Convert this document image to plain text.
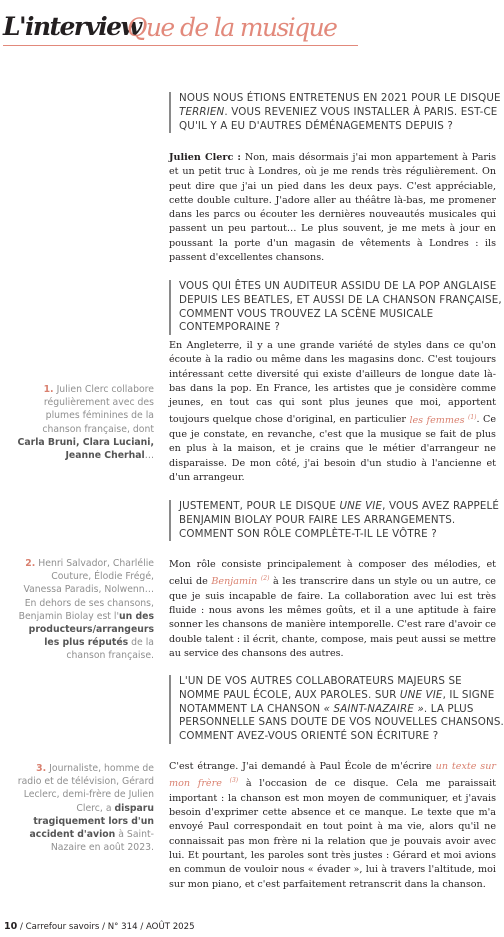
L'interview
Que de la musique
NOUS NOUS ÉTIONS ENTRETENUS EN 2021 POUR LE DISQUE TERRIEN. VOUS REVENIEZ VOUS INSTALLER À PARIS. EST-CE QU'IL Y A EU D'AUTRES DÉMÉNAGEMENTS DEPUIS ?
Julien Clerc : Non, mais désormais j'ai mon appartement à Paris et un petit truc à Londres, où je me rends très régulièrement. On peut dire que j'ai un pied dans les deux pays. C'est appréciable, cette double culture. J'adore aller au théâtre là-bas, me promener dans les parcs ou écouter les dernières nouveautés musicales qui passent un peu partout… Le plus souvent, je me mets à jour en poussant la porte d'un magasin de vêtements à Londres : ils passent d'excellentes chansons.
VOUS QUI ÊTES UN AUDITEUR ASSIDU DE LA POP ANGLAISE DEPUIS LES BEATLES, ET AUSSI DE LA CHANSON FRANÇAISE, COMMENT VOUS TROUVEZ LA SCÈNE MUSICALE CONTEMPORAINE ?
En Angleterre, il y a une grande variété de styles dans ce qu'on écoute à la radio ou même dans les magasins donc. C'est toujours intéressant cette diversité qui existe d'ailleurs de longue date là-bas dans la pop. En France, les artistes que je considère comme jeunes, en tout cas qui sont plus jeunes que moi, apportent toujours quelque chose d'original, en particulier les femmes $^{(1)}$. Ce que je constate, en revanche, c'est que la musique se fait de plus en plus à la maison, et je crains que le métier d'arrangeur ne disparaisse. De mon côté, j'ai besoin d'un studio à l'ancienne et d'un arrangeur.
JUSTEMENT, POUR LE DISQUE UNE VIE, VOUS AVEZ RAPPELÉ BENJAMIN BIOLAY POUR FAIRE LES ARRANGEMENTS. COMMENT SON RÔLE COMPLÈTE-T-IL LE VÔTRE ?
Mon rôle consiste principalement à composer des mélodies, et celui de Benjamin $^{(2)}$ à les transcrire dans un style ou un autre, ce que je suis incapable de faire. La collaboration avec lui est très fluide : nous avons les mêmes goûts, et il a une aptitude à faire sonner les chansons de manière intemporelle. C'est rare d'avoir ce double talent : il écrit, chante, compose, mais peut aussi se mettre au service des chansons des autres.
L'UN DE VOS AUTRES COLLABORATEURS MAJEURS SE NOMME PAUL ÉCOLE, AUX PAROLES. SUR UNE VIE, IL SIGNE NOTAMMENT LA CHANSON « SAINT-NAZAIRE ». LA PLUS PERSONNELLE SANS DOUTE DE VOS NOUVELLES CHANSONS. COMMENT AVEZ-VOUS ORIENTÉ SON ÉCRITURE ?
C'est étrange. J'ai demandé à Paul École de m'écrire un texte sur mon frère $^{(3)}$ à l'occasion de ce disque. Cela me paraissait important : la chanson est mon moyen de communiquer, et j'avais besoin d'exprimer cette absence et ce manque. Le texte que m'a envoyé Paul correspondait en tout point à ma vie, alors qu'il ne connaissait pas mon frère ni la relation que je pouvais avoir avec lui. Et pourtant, les paroles sont très justes : Gérard et moi avions en commun de vouloir nous « évader », lui à travers l'altitude, moi sur mon piano, et c'est parfaitement retranscrit dans la chanson.
1. Julien Clerc collabore régulièrement avec des plumes féminines de la chanson française, dont Carla Bruni, Clara Luciani, Jeanne Cherhal…
2. Henri Salvador, Charlélie Couture, Élodie Frégé, Vanessa Paradis, Nolwenn… En dehors de ses chansons, Benjamin Biolay est l'un des producteurs/arrangeurs les plus réputés de la chanson française.
3. Journaliste, homme de radio et de télévision, Gérard Leclerc, demi-frère de Julien Clerc, a disparu tragiquement lors d'un accident d'avion à Saint-Nazaire en août 2023.
10 / Carrefour savoirs / N° 314 / AOÛT 2025
